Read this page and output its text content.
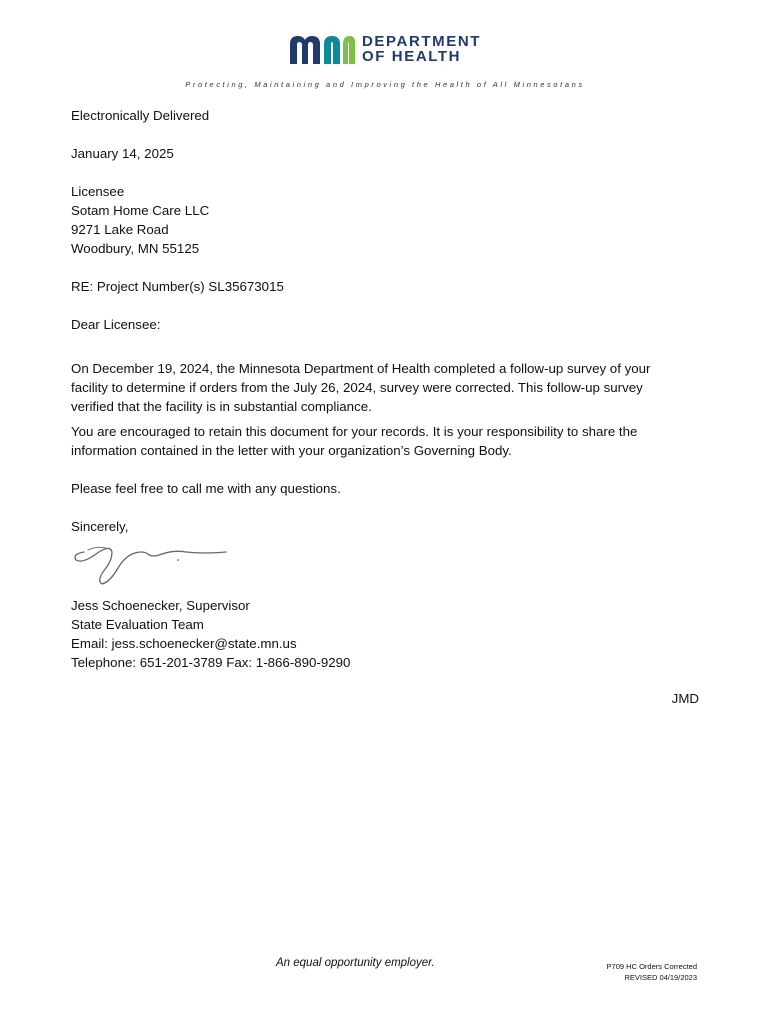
DEPARTMENT
OF HEALTH
Protecting, Maintaining and Improving the Health of All Minnesotans
Electronically Delivered
January 14, 2025
Licensee
Sotam Home Care LLC
9271 Lake Road
Woodbury, MN 55125
RE: Project Number(s) SL35673015
Dear Licensee:
On December 19, 2024, the Minnesota Department of Health completed a follow-up survey of your
facility to determine if orders from the July 26, 2024, survey were corrected. This follow-up survey
verified that the facility is in substantial compliance.
You are encouraged to retain this document for your records. It is your responsibility to share the
information contained in the letter with your organization’s Governing Body.
Please feel free to call me with any questions.
Sincerely,
Jess Schoenecker, Supervisor
State Evaluation Team
Email: jess.schoenecker@state.mn.us
Telephone: 651-201-3789 Fax: 1-866-890-9290
JMD
An equal opportunity employer.	P709 HC Orders Corrected
REVISED 04/19/2023
